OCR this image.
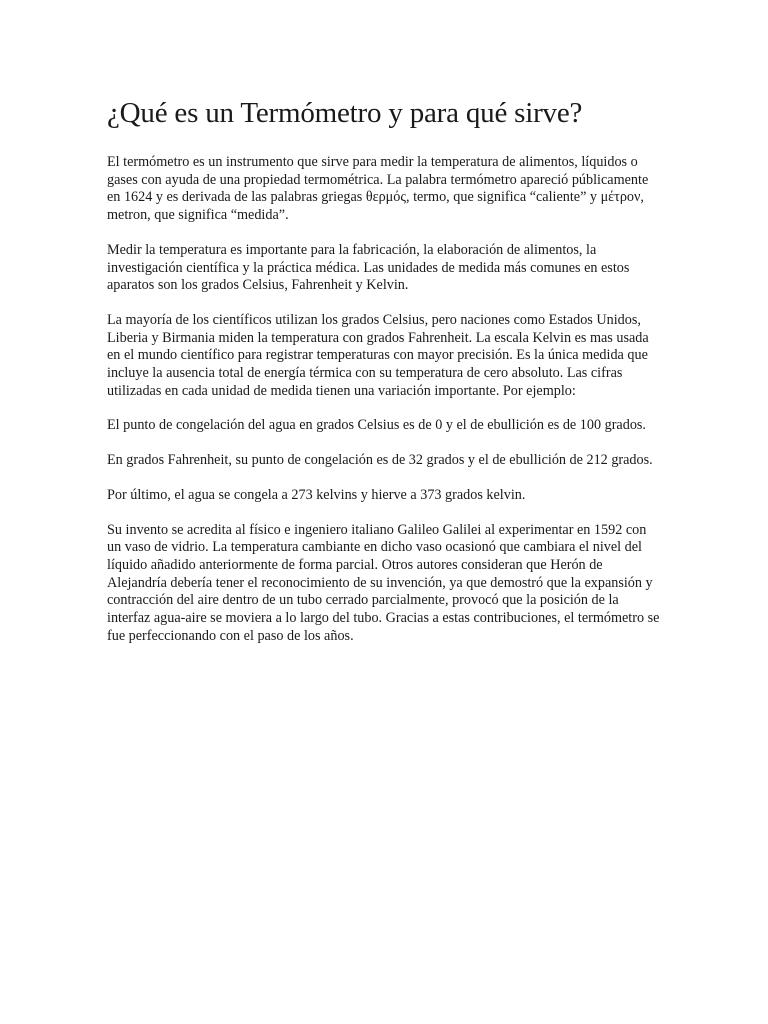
¿Qué es un Termómetro y para qué sirve?

El termómetro es un instrumento que sirve para medir la temperatura de alimentos, líquidos o gases con ayuda de una propiedad termométrica. La palabra termómetro apareció públicamente en 1624 y es derivada de las palabras griegas θερμός, termo, que significa “caliente” y μέτρον, metron, que significa “medida”.

Medir la temperatura es importante para la fabricación, la elaboración de alimentos, la investigación científica y la práctica médica. Las unidades de medida más comunes en estos aparatos son los grados Celsius, Fahrenheit y Kelvin.

La mayoría de los científicos utilizan los grados Celsius, pero naciones como Estados Unidos, Liberia y Birmania miden la temperatura con grados Fahrenheit. La escala Kelvin es mas usada en el mundo científico para registrar temperaturas con mayor precisión. Es la única medida que incluye la ausencia total de energía térmica con su temperatura de cero absoluto. Las cifras utilizadas en cada unidad de medida tienen una variación importante. Por ejemplo:

El punto de congelación del agua en grados Celsius es de 0 y el de ebullición es de 100 grados.

En grados Fahrenheit, su punto de congelación es de 32 grados y el de ebullición de 212 grados.

Por último, el agua se congela a 273 kelvins y hierve a 373 grados kelvin.

Su invento se acredita al físico e ingeniero italiano Galileo Galilei al experimentar en 1592 con un vaso de vidrio. La temperatura cambiante en dicho vaso ocasionó que cambiara el nivel del líquido añadido anteriormente de forma parcial. Otros autores consideran que Herón de Alejandría debería tener el reconocimiento de su invención, ya que demostró que la expansión y contracción del aire dentro de un tubo cerrado parcialmente, provocó que la posición de la interfaz agua-aire se moviera a lo largo del tubo. Gracias a estas contribuciones, el termómetro se fue perfeccionando con el paso de los años.
